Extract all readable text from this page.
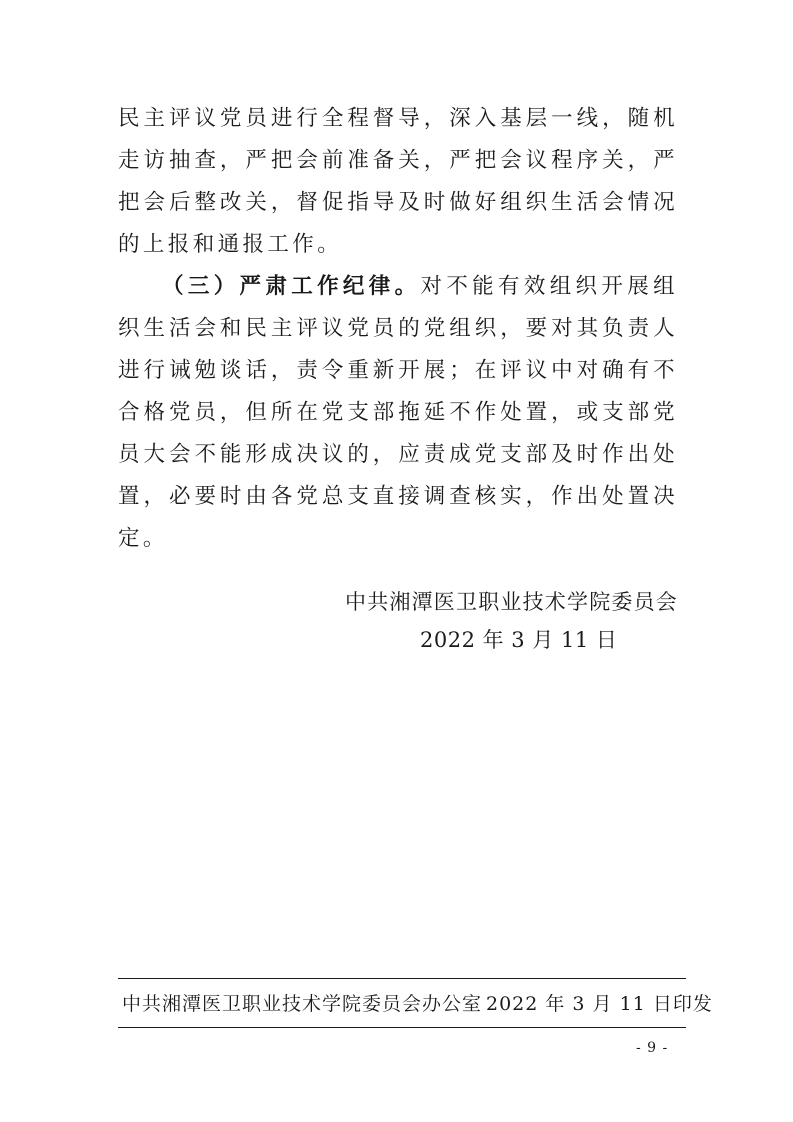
民主评议党员进行全程督导，深入基层一线，随机走访抽查，严把会前准备关，严把会议程序关，严把会后整改关，督促指导及时做好组织生活会情况的上报和通报工作。

（三）严肃工作纪律。对不能有效组织开展组织生活会和民主评议党员的党组织，要对其负责人进行诫勉谈话，责令重新开展；在评议中对确有不合格党员，但所在党支部拖延不作处置，或支部党员大会不能形成决议的，应责成党支部及时作出处置，必要时由各党总支直接调查核实，作出处置决定。

中共湘潭医卫职业技术学院委员会
2022 年 3 月 11 日
中共湘潭医卫职业技术学院委员会办公室 2022 年 3 月 11 日印发
- 9 -
